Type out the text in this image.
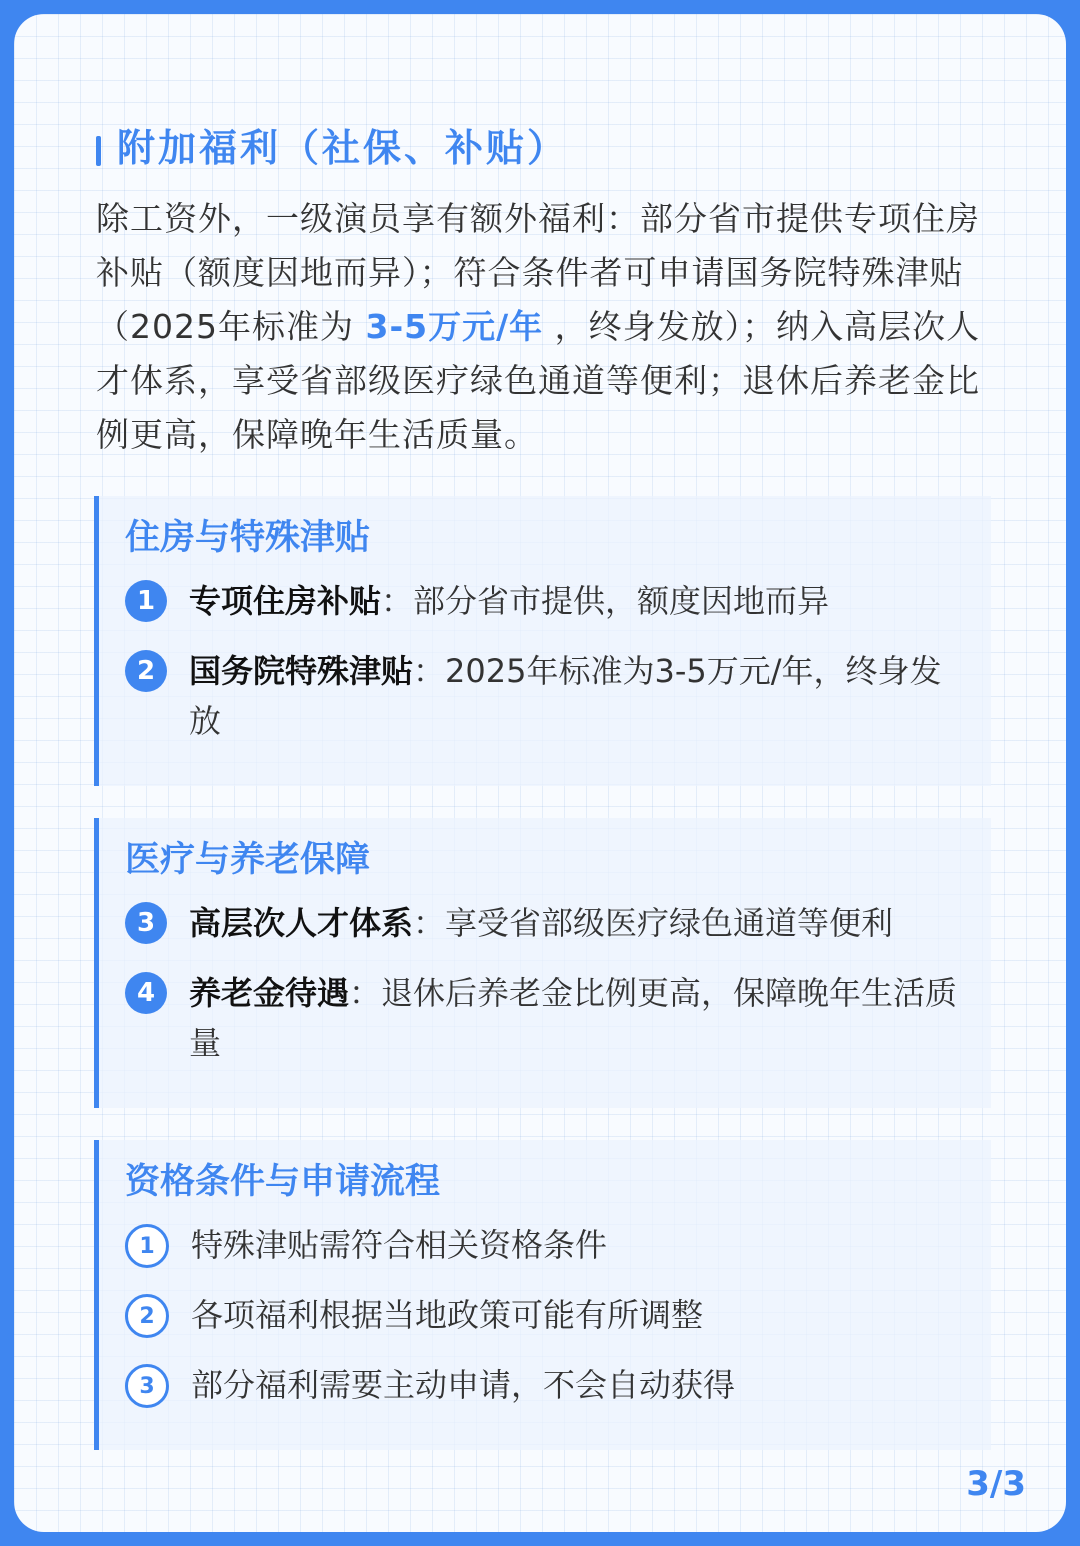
附加福利（社保、补贴）
除工资外，一级演员享有额外福利：部分省市提供专项住房补贴（额度因地而异）；符合条件者可申请国务院特殊津贴（2025年标准为 3-5万元/年 ，终身发放）；纳入高层次人才体系，享受省部级医疗绿色通道等便利；退休后养老金比例更高，保障晚年生活质量。
住房与特殊津贴
1	专项住房补贴：部分省市提供，额度因地而异
2	国务院特殊津贴：2025年标准为3-5万元/年，终身发放
医疗与养老保障
3	高层次人才体系：享受省部级医疗绿色通道等便利
4	养老金待遇：退休后养老金比例更高，保障晚年生活质量
资格条件与申请流程
1	特殊津贴需符合相关资格条件
2	各项福利根据当地政策可能有所调整
3	部分福利需要主动申请，不会自动获得
3/3
